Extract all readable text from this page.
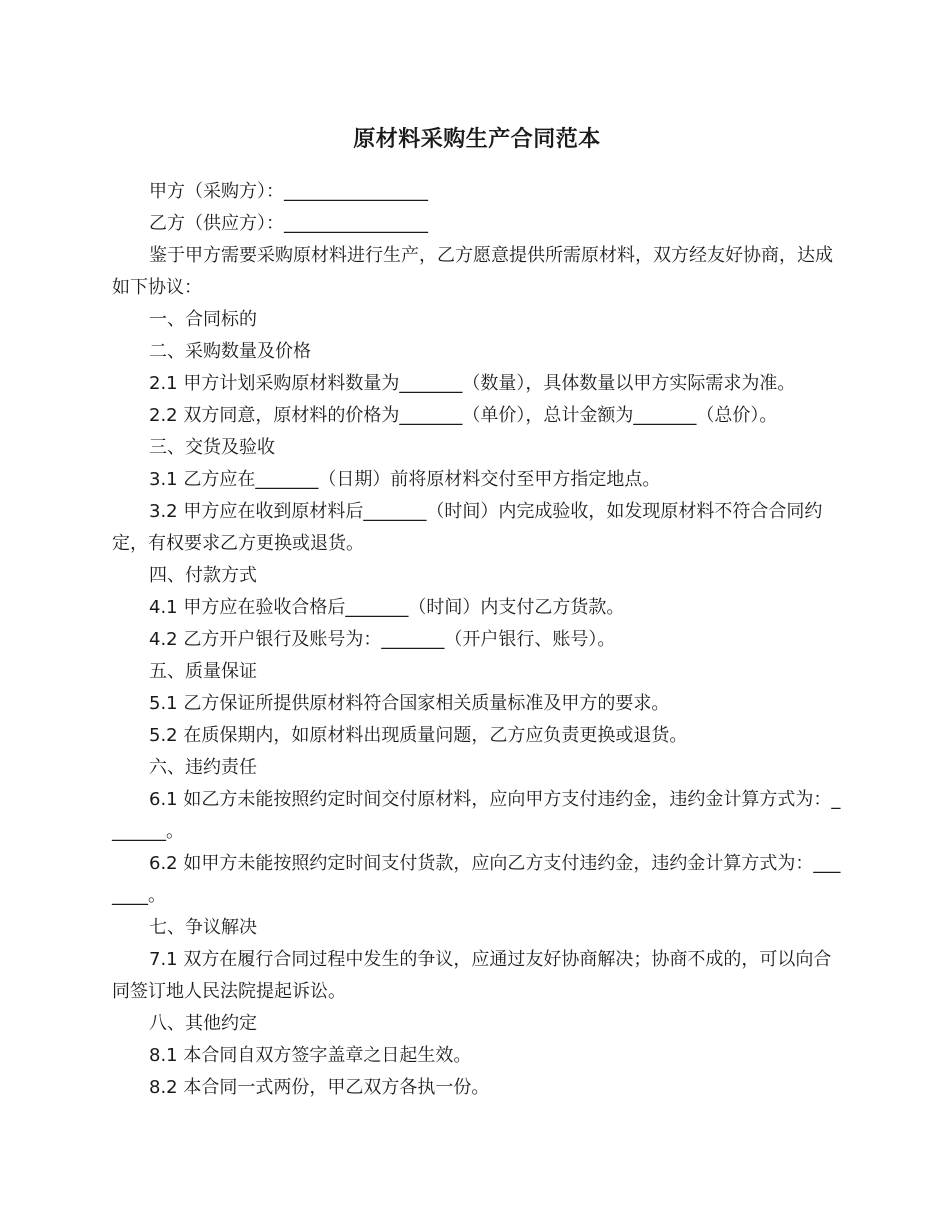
原材料采购生产合同范本

甲方（采购方）：________________

乙方（供应方）：________________

鉴于甲方需要采购原材料进行生产，乙方愿意提供所需原材料，双方经友好协商，达成如下协议：

一、合同标的

二、采购数量及价格

2.1 甲方计划采购原材料数量为_______（数量），具体数量以甲方实际需求为准。

2.2 双方同意，原材料的价格为_______（单价），总计金额为_______（总价）。

三、交货及验收

3.1 乙方应在_______（日期）前将原材料交付至甲方指定地点。

3.2 甲方应在收到原材料后_______（时间）内完成验收，如发现原材料不符合合同约定，有权要求乙方更换或退货。

四、付款方式

4.1 甲方应在验收合格后_______（时间）内支付乙方货款。

4.2 乙方开户银行及账号为：_______（开户银行、账号）。

五、质量保证

5.1 乙方保证所提供原材料符合国家相关质量标准及甲方的要求。

5.2 在质保期内，如原材料出现质量问题，乙方应负责更换或退货。

六、违约责任

6.1 如乙方未能按照约定时间交付原材料，应向甲方支付违约金，违约金计算方式为：_______。

6.2 如甲方未能按照约定时间支付货款，应向乙方支付违约金，违约金计算方式为：_______。

七、争议解决

7.1 双方在履行合同过程中发生的争议，应通过友好协商解决；协商不成的，可以向合同签订地人民法院提起诉讼。

八、其他约定

8.1 本合同自双方签字盖章之日起生效。

8.2 本合同一式两份，甲乙双方各执一份。
